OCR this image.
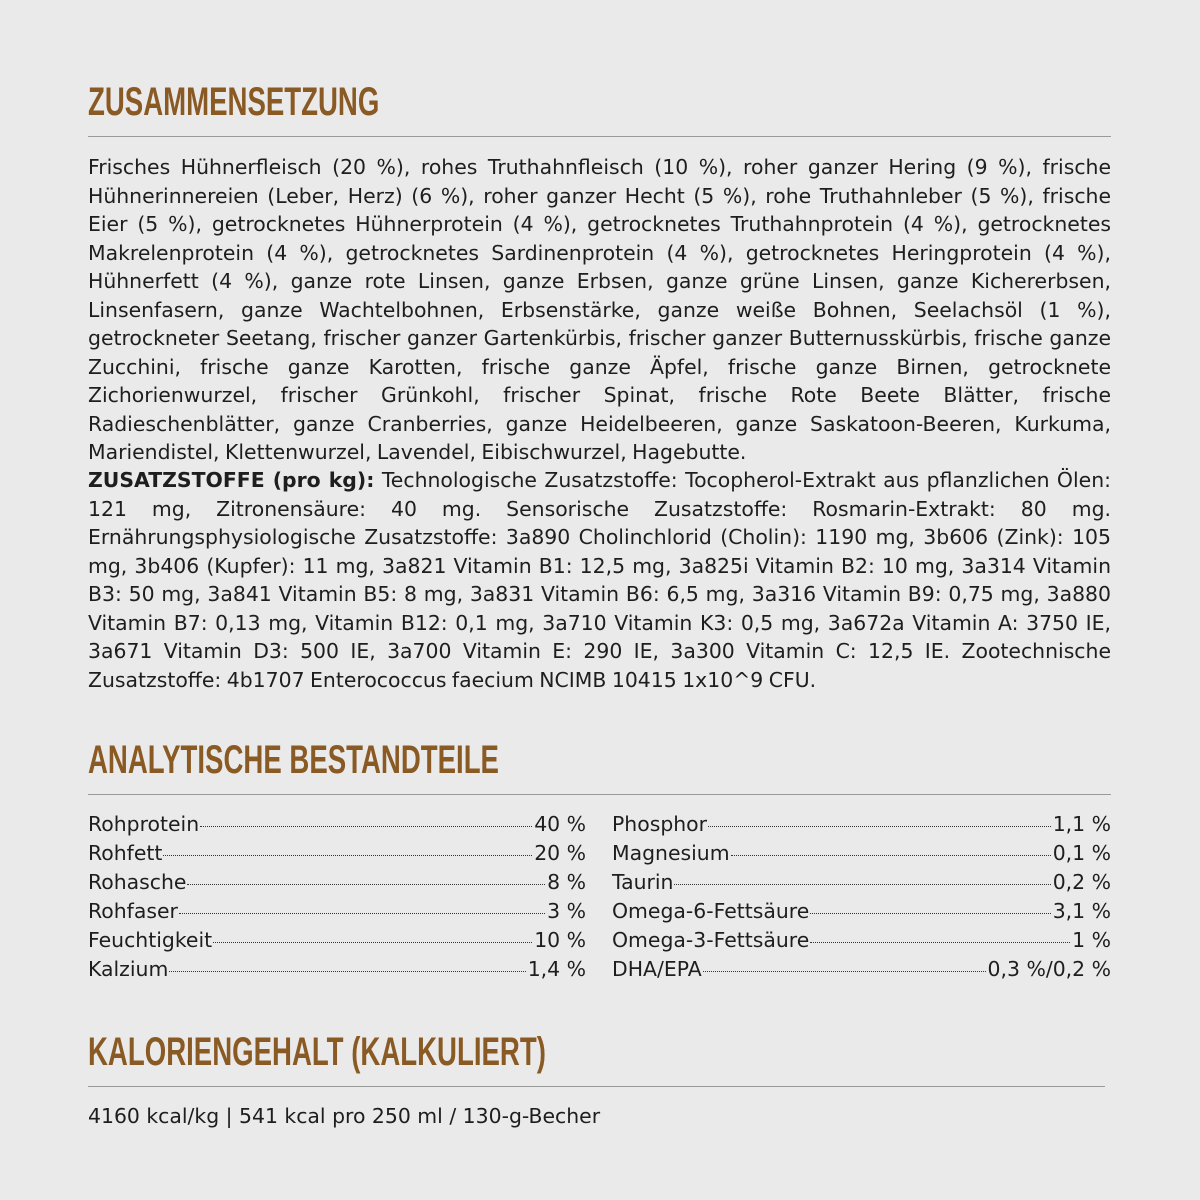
ZUSAMMENSETZUNG

Frisches Hühnerfleisch (20 %), rohes Truthahnfleisch (10 %), roher ganzer Hering (9 %), frische Hühnerinnereien (Leber, Herz) (6 %), roher ganzer Hecht (5 %), rohe Truthahnleber (5 %), frische Eier (5 %), getrocknetes Hühnerprotein (4 %), getrocknetes Truthahnprotein (4 %), getrocknetes Makrelenprotein (4 %), getrocknetes Sardinenprotein (4 %), getrocknetes Heringprotein (4 %), Hühnerfett (4 %), ganze rote Linsen, ganze Erbsen, ganze grüne Linsen, ganze Kichererbsen, Linsenfasern, ganze Wachtelbohnen, Erbsenstärke, ganze weiße Bohnen, Seelachsöl (1 %), getrockneter Seetang, frischer ganzer Gartenkürbis, frischer ganzer Butternusskürbis, frische ganze Zucchini, frische ganze Karotten, frische ganze Äpfel, frische ganze Birnen, getrocknete Zichorienwurzel, frischer Grünkohl, frischer Spinat, frische Rote Beete Blätter, frische Radieschenblätter, ganze Cranberries, ganze Heidelbeeren, ganze Saskatoon-Beeren, Kurkuma, Mariendistel, Klettenwurzel, Lavendel, Eibischwurzel, Hagebutte.

ZUSATZSTOFFE (pro kg): Technologische Zusatzstoffe: Tocopherol-Extrakt aus pflanzlichen Ölen: 121 mg, Zitronensäure: 40 mg. Sensorische Zusatzstoffe: Rosmarin-Extrakt: 80 mg. Ernährungsphysiologische Zusatzstoffe: 3a890 Cholinchlorid (Cholin): 1190 mg, 3b606 (Zink): 105 mg, 3b406 (Kupfer): 11 mg, 3a821 Vitamin B1: 12,5 mg, 3a825i Vitamin B2: 10 mg, 3a314 Vitamin B3: 50 mg, 3a841 Vitamin B5: 8 mg, 3a831 Vitamin B6: 6,5 mg, 3a316 Vitamin B9: 0,75 mg, 3a880 Vitamin B7: 0,13 mg, Vitamin B12: 0,1 mg, 3a710 Vitamin K3: 0,5 mg, 3a672a Vitamin A: 3750 IE, 3a671 Vitamin D3: 500 IE, 3a700 Vitamin E: 290 IE, 3a300 Vitamin C: 12,5 IE. Zootechnische Zusatzstoffe: 4b1707 Enterococcus faecium NCIMB 10415 1x10^9 CFU.

ANALYTISCHE BESTANDTEILE
Rohprotein	40 %
Rohfett	20 %
Rohasche	8 %
Rohfaser	3 %
Feuchtigkeit	10 %
Kalzium	1,4 %
Phosphor	1,1 %
Magnesium	0,1 %
Taurin	0,2 %
Omega-6-Fettsäure	3,1 %
Omega-3-Fettsäure	1 %
DHA/EPA	0,3 %/0,2 %
KALORIENGEHALT (KALKULIERT)

4160 kcal/kg | 541 kcal pro 250 ml / 130-g-Becher
